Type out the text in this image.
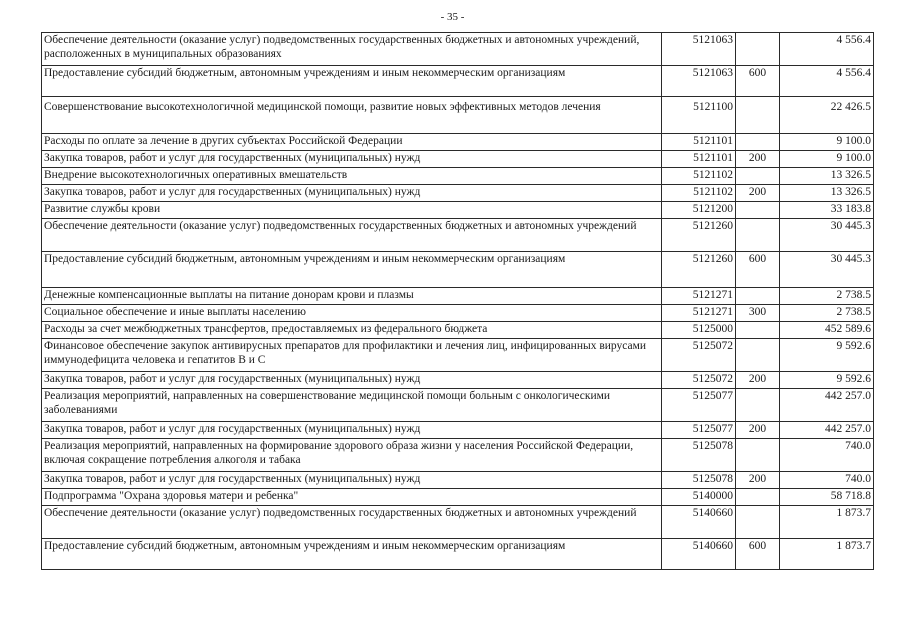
- 35 -
Обеспечение деятельности (оказание услуг) подведомственных государственных бюджетных и автономных учреждений, расположенных в муниципальных образованиях	5121063		4 556.4
Предоставление субсидий бюджетным, автономным учреждениям и иным некоммерческим организациям	5121063	600	4 556.4
Совершенствование высокотехнологичной медицинской помощи, развитие новых эффективных методов лечения	5121100		22 426.5
Расходы по оплате за лечение в других субъектах Российской Федерации	5121101		9 100.0
Закупка товаров, работ и услуг для государственных (муниципальных) нужд	5121101	200	9 100.0
Внедрение высокотехнологичных оперативных вмешательств	5121102		13 326.5
Закупка товаров, работ и услуг для государственных (муниципальных) нужд	5121102	200	13 326.5
Развитие службы крови	5121200		33 183.8
Обеспечение деятельности (оказание услуг) подведомственных государственных бюджетных и автономных учреждений	5121260		30 445.3
Предоставление субсидий бюджетным, автономным учреждениям и иным некоммерческим организациям	5121260	600	30 445.3
Денежные компенсационные выплаты на питание донорам крови и плазмы	5121271		2 738.5
Социальное обеспечение и иные выплаты населению	5121271	300	2 738.5
Расходы за счет межбюджетных трансфертов, предоставляемых из федерального бюджета	5125000		452 589.6
Финансовое обеспечение закупок антивирусных препаратов для профилактики и лечения лиц, инфицированных вирусами иммунодефицита человека и гепатитов В и С	5125072		9 592.6
Закупка товаров, работ и услуг для государственных (муниципальных) нужд	5125072	200	9 592.6
Реализация мероприятий, направленных на совершенствование медицинской помощи больным с онкологическими заболеваниями	5125077		442 257.0
Закупка товаров, работ и услуг для государственных (муниципальных) нужд	5125077	200	442 257.0
Реализация мероприятий, направленных на формирование здорового образа жизни у населения Российской Федерации, включая сокращение потребления алкоголя и табака	5125078		740.0
Закупка товаров, работ и услуг для государственных (муниципальных) нужд	5125078	200	740.0
Подпрограмма "Охрана здоровья матери и ребенка"	5140000		58 718.8
Обеспечение деятельности (оказание услуг) подведомственных государственных бюджетных и автономных учреждений	5140660		1 873.7
Предоставление субсидий бюджетным, автономным учреждениям и иным некоммерческим организациям	5140660	600	1 873.7
